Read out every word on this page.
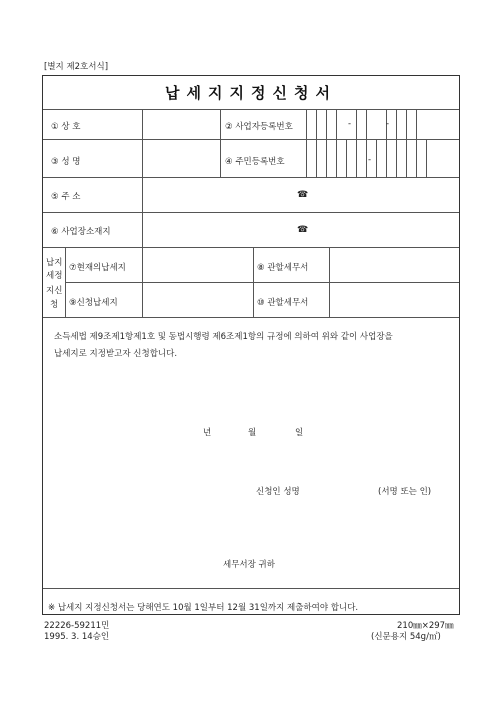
[별지 제2호서식]
납세지지정신청서
-	-
-
① 상 호	② 사업자등록번호
③ 성 명	④ 주민등록번호
⑤ 주 소	☎
⑥ 사업장소재지	☎
납지
세정
지신
청
⑦현재의납세지	⑧ 관할세무서
⑨신청납세지	⑩ 관할세무서
소득세법 제9조제1항제1호 및 동법시행령 제6조제1항의 규정에 의하여 위와 같이 사업장을
납세지로 지정받고자 신청합니다.
년	월	일
신청인 성명	(서명 또는 인)
세무서장 귀하
※ 납세지 지정신청서는 당해연도 10월 1일부터 12월 31일까지 제출하여야 합니다.
22226-59211민
1995. 3. 14승인
210㎜×297㎜
(신문용지 54g/㎡)
